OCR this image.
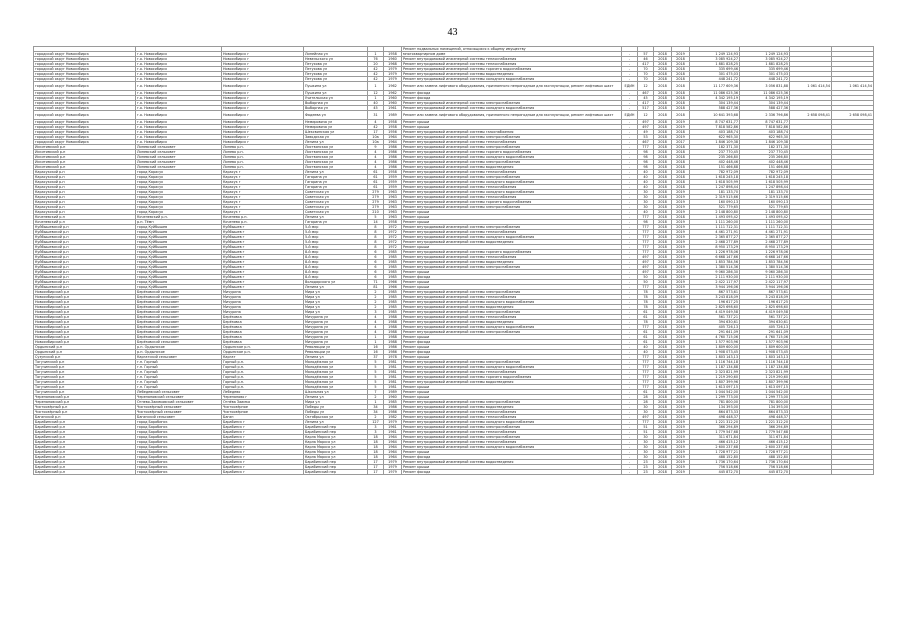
43
						Ремонт подвальных помещений, относящихся к общему имуществу								
городской округ Новосибирск	г.о. Новосибирск	Новосибирск г	Линейная ул	1	1958	многоквартирном доме	-	57	2018	2019	1 249 124,93	1 249 124,93		
городской округ Новосибирск	г.о. Новосибирск	Новосибирск г	Невельского ул	76	1960	Ремонт внутридомовой инженерной системы теплоснабжения	-	46	2018	2018	3 085 924,27	3 085 924,27		
городской округ Новосибирск	г.о. Новосибирск	Новосибирск г	Петухова ул	20	1968	Ремонт внутридомовой инженерной системы теплоснабжения	-	417	2018	2018	1 881 828,25	1 881 828,25		
городской округ Новосибирск	г.о. Новосибирск	Новосибирск г	Петухова ул	42	1979	Ремонт внутридомовой инженерной системы горячего водоснабжения	-	70	2018	2018	335 699,46	335 699,46		
городской округ Новосибирск	г.о. Новосибирск	Новосибирск г	Петухова ул	42	1979	Ремонт внутридомовой инженерной системы водоотведения	-	70	2018	2018	301 475,03	301 475,03		
городской округ Новосибирск	г.о. Новосибирск	Новосибирск г	Петухова ул	42	1979	Ремонт внутридомовой инженерной системы холодного водоснабжения	-	70	2018	2018	448 241,72	448 241,72		
городской округ Новосибирск	г.о. Новосибирск	Новосибирск г	Пушкина ул	1	1962	Ремонт или замена лифтового оборудования, признанного непригодным для эксплуатации, ремонт лифтовых шахт	ЕДИН	12	2018	2018	11 177 609,36	3 056 831,88	1 061 414,54	1 061 414,54
городской округ Новосибирск	г.о. Новосибирск	Новосибирск г	Пушкина ул	12	1962	Ремонт фасада	-	467	2018	2018	11 086 025,36	11 086 025,36		
городской округ Новосибирск	г.о. Новосибирск	Новосибирск г	Учительская ул	1	1960	Ремонт фасада	-	45	2018	2018	4 342 195,19	4 342 195,19		
городской округ Новосибирск	г.о. Новосибирск	Новосибирск г	Выборная ул	40	1960	Ремонт внутридомовой инженерной системы электроснабжения	-	417	2018	2018	304 139,44	304 139,44		
городской округ Новосибирск	г.о. Новосибирск	Новосибирск г	Выборная ул	45	1961	Ремонт внутридомовой инженерной системы холодного водоснабжения	-	517	2018	2018	588 427,36	588 427,36		
городской округ Новосибирск	г.о. Новосибирск	Новосибирск г	Фадеева ул	31	1989	Ремонт или замена лифтового оборудования, признанного непригодным для эксплуатации, ремонт лифтовых шахт	ЕДИН	12	2018	2018	10 641 393,68	2 336 796,86	2 658 098,41	2 658 098,41
городской округ Новосибирск	г.о. Новосибирск	Новосибирск г	Немировича ул	4	1958	Ремонт крыши	-	497	2018	2019	8 747 631,77	8 747 631,77		
городской округ Новосибирск	г.о. Новосибирск	Новосибирск г	Немировича ул	42	1958	Ремонт крыши	-	497	2018	2019	7 818 582,86	7 818 582,86		
городской округ Новосибирск	г.о. Новосибирск	Новосибирск г	Шексвинская ул	17	1956	Ремонт внутридомовой инженерной системы газоснабжения	-	49	2018	2018	403 188,74	403 188,74		
городской округ Новосибирск	г.о. Новосибирск	Новосибирск г	Заводская ул	10а	1964	Ремонт внутридомовой инженерной системы электроснабжения	-	53	2018	2019	622 965,30	622 965,30		
городской округ Новосибирск	г.о. Новосибирск	Новосибирск г	Ленина ул	10а	1964	Ремонт внутридомовой инженерной системы теплоснабжения	-	467	2018	2017	1 846 109,38	1 846 109,38		
Искитимский р-н	Линевский сельсовет	Линево р.п.	Листвянская ул	9	1986	Ремонт внутридомовой инженерной системы электроснабжения	-	777	2018	2018	182 371,30	182 371,30		
Искитимский р-н	Линевский сельсовет	Линево р.п.	Листвянская ул	4	1986	Ремонт внутридомовой инженерной системы горячего водоснабжения	-	98	2018	2018	237 770,45	237 770,45		
Искитимский р-н	Линевский сельсовет	Линево р.п.	Листвянская ул	4	1986	Ремонт внутридомовой инженерной системы холодного водоснабжения	-	98	2018	2018	235 266,80	235 266,80		
Искитимский р-н	Линевский сельсовет	Линево р.п.	Листвянская ул	4	1986	Ремонт внутридомовой инженерной системы электроснабжения	-	98	2018	2018	402 448,46	402 448,46		
Искитимский р-н	Линевский сельсовет	Линево р.п.	Листвянская ул	4	1986	Ремонт внутридомовой инженерной системы водоотведения	-	98	2018	2018	151 466,88	151 466,88		
Карасукский р-н	город Карасук	Карасук г	Ленина ул	61	1958	Ремонт внутридомовой инженерной системы теплоснабжения	-	40	2018	2018	782 972,09	782 972,09		
Карасукский р-н	город Карасук	Карасук г	Гагарина ул	61	1959	Ремонт внутридомовой инженерной системы электроснабжения	-	40	2018	2018	1 618 245,18	1 618 245,18		
Карасукский р-н	город Карасук	Карасук г	Гагарина ул	61	1959	Ремонт внутридомовой инженерной системы холодного водоснабжения	-	40	2018	2018	1 618 505,99	1 618 505,99		
Карасукский р-н	город Карасук	Карасук г	Гагарина ул	61	1959	Ремонт внутридомовой инженерной системы теплоснабжения	-	40	2018	2018	1 247 898,44	1 247 898,44		
Карасукский р-н	город Карасук	Карасук г	Советская ул	279	1963	Ремонт внутридомовой инженерной системы холодного водоснабжения	-	30	2018	2019	181 133,70	181 133,70		
Карасукский р-н	город Карасук	Карасук г	Советская ул	279	1963	Ремонт внутридомовой инженерной системы теплоснабжения	-	30	2018	2019	2 319 515,66	2 319 515,66		
Карасукский р-н	город Карасук	Карасук г	Советская ул	279	1963	Ремонт внутридомовой инженерной системы горячего водоснабжения	-	30	2018	2019	160 090,13	160 090,13		
Карасукский р-н	город Карасук	Карасук г	Советская ул	279	1963	Ремонт внутридомовой инженерной системы электроснабжения	-	30	2018	2019	521 779,65	521 779,65		
Карасукский р-н	город Карасук	Карасук г	Советская ул	210	1963	Ремонт крыши	-	40	2018	2019	2 148 800,80	2 148 800,80		
Коченевский р-н	Коченевский р.п.	Коченево р.п.	Ленина ул	5	1963	Ремонт крыши	-	777	2018	2018	1 493 095,42	1 493 095,42		
Коченевский р-н	р.п. Тёмн	Коченево р.п.	Гагарина ул	14	1958	Ремонт крыши	-	98	2018	2019	1 111 260,00	1 111 260,00		
Куйбышевский р-н	город Куйбышев	Куйбышев г	5-й мкр	8	1972	Ремонт внутридомовой инженерной системы электроснабжения	-	777	2018	2019	1 111 712,31	1 111 712,31		
Куйбышевский р-н	город Куйбышев	Куйбышев г	5-й мкр	8	1972	Ремонт внутридомовой инженерной системы теплоснабжения	-	777	2018	2019	4 461 271,91	4 461 271,91		
Куйбышевский р-н	город Куйбышев	Куйбышев г	5-й мкр	8	1972	Ремонт внутридомовой инженерной системы холодного водоснабжения	-	777	2018	2019	2 365 877,27	2 365 877,27		
Куйбышевский р-н	город Куйбышев	Куйбышев г	5-й мкр	8	1972	Ремонт внутридомовой инженерной системы водоотведения	-	777	2018	2019	2 468 277,89	2 468 277,89		
Куйбышевский р-н	город Куйбышев	Куйбышев г	5-й мкр	8	1972	Ремонт крыши	-	777	2018	2019	8 950 173,29	8 950 173,29		
Куйбышевский р-н	город Куйбышев	Куйбышев г	8-й мкр	6	1985	Ремонт внутридомовой инженерной системы горячего водоснабжения	-	777	2018	2019	1 226 978,06	1 226 978,06		
Куйбышевский р-н	город Куйбышев	Куйбышев г	8-й мкр	6	1985	Ремонт внутридомовой инженерной системы теплоснабжения	-	497	2018	2019	6 668 147,66	6 668 147,66		
Куйбышевский р-н	город Куйбышев	Куйбышев г	8-й мкр	6	1985	Ремонт внутридомовой инженерной системы водоотведения	-	497	2018	2019	1 853 784,56	1 853 784,56		
Куйбышевский р-н	город Куйбышев	Куйбышев г	8-й мкр	6	1985	Ремонт внутридомовой инженерной системы электроснабжения	-	497	2018	2019	1 380 514,36	1 380 514,36		
Куйбышевский р-н	город Куйбышев	Куйбышев г	8-й мкр	6	1985	Ремонт крыши	-	497	2018	2019	9 060 286,30	9 060 286,30		
Куйбышевский р-н	город Куйбышев	Куйбышев г	8-й мкр	6	1985	Ремонт фасада	-	50	2018	2019	2 111 930,00	2 111 930,00		
Куйбышевский р-н	город Куйбышев	Куйбышев г	Володарского ул	71	1966	Ремонт крыши	-	50	2018	2019	2 422 117,97	2 422 117,97		
Куйбышевский р-н	город Куйбышев	Куйбышев г	Ленина ул	81	1966	Ремонт крыши	-	777	2018	2019	3 944 196,06	3 944 196,06		
Новосибирский р-н	Берёзовский сельсовет	Мичурина	Мира ул	2	1985	Ремонт внутридомовой инженерной системы электроснабжения	-	78	2018	2019	867 573,61	867 573,61		
Новосибирский р-н	Берёзовский сельсовет	Мичурина	Мира ул	2	1985	Ремонт внутридомовой инженерной системы теплоснабжения	-	78	2018	2019	3 243 818,09	3 243 818,09		
Новосибирский р-н	Берёзовский сельсовет	Мичурина	Мира ул	2	1985	Ремонт внутридомовой инженерной системы холодного водоснабжения	-	78	2018	2019	196 617,25	196 617,25		
Новосибирский р-н	Берёзовский сельсовет	Мичурина	Мира ул	2	1985	Ремонт внутридомовой инженерной системы водоотведения	-	78	2018	2019	2 825 698,60	2 825 698,60		
Новосибирский р-н	Берёзовский сельсовет	Мичурина	Мира ул	3	1985	Ремонт внутридомовой инженерной системы электроснабжения	-	61	2018	2019	4 419 049,58	4 419 049,58		
Новосибирский р-н	Берёзовский сельсовет	Берёзовка	Мичурина ул	4	1988	Ремонт внутридомовой инженерной системы теплоснабжения	-	61	2018	2019	561 737,21	561 737,21		
Новосибирский р-н	Берёзовский сельсовет	Берёзовка	Мичурина ул	4	1988	Ремонт внутридомовой инженерной системы водоотведения	-	78	2018	2019	394 630,61	394 630,61		
Новосибирский р-н	Берёзовский сельсовет	Берёзовка	Мичурина ул	4	1988	Ремонт внутридомовой инженерной системы холодного водоснабжения	-	777	2018	2019	405 726,13	405 726,13		
Новосибирский р-н	Берёзовский сельсовет	Берёзовка	Мичурина ул	4	1988	Ремонт внутридомовой инженерной системы электроснабжения	-	61	2018	2019	291 641,09	291 641,09		
Новосибирский р-н	Берёзовский сельсовет	Берёзовка	Мичурина ул	1	1988	Ремонт крыши	-	61	2018	2019	4 760 715,06	4 760 715,06		
Новосибирский р-н	Берёзовский сельсовет	Берёзовка	Мичурина ул	1	1988	Ремонт фасада	-	61	2018	2019	1 577 903,96	1 577 903,96		
Ордынский р-н	р.п. Ордынское	Ордынское р.п.	Революции ул	16	1986	Ремонт крыши	-	40	2018	2019	1 809 600,00	1 809 600,00		
Ордынский р-н	р.п. Ордынское	Ордынское р.п.	Революции ул	16	1986	Ремонт фасада	-	40	2018	2019	1 908 073,45	1 908 073,45		
Сузунский р-н	Каргатский сельсовет	Каргат	Ленина ул	37	1978	Ремонт крыши	-	777	2018	2019	1 803 143,13	1 803 143,13		
Тогучинский р-н	г.п. Горный	Горный р.п.	Молодёжная ул	5	1981	Ремонт внутридомовой инженерной системы электроснабжения	-	777	2018	2019	1 116 744,18	1 116 744,18		
Тогучинский р-н	г.п. Горный	Горный р.п.	Молодёжная ул	5	1981	Ремонт внутридомовой инженерной системы холодного водоснабжения	-	777	2018	2019	1 187 134,88	1 187 134,88		
Тогучинский р-н	г.п. Горный	Горный р.п.	Молодёжная ул	5	1981	Ремонт внутридомовой инженерной системы теплоснабжения	-	777	2018	2019	2 323 821,99	2 323 821,99		
Тогучинский р-н	г.п. Горный	Горный р.п.	Молодёжная ул	5	1981	Ремонт внутридомовой инженерной системы горячего водоснабжения	-	777	2018	2019	1 219 290,60	1 219 290,60		
Тогучинский р-н	г.п. Горный	Горный р.п.	Молодёжная ул	5	1981	Ремонт внутридомовой инженерной системы водоотведения	-	777	2018	2019	1 807 399,96	1 807 399,96		
Тогучинский р-н	г.п. Горный	Горный р.п.	Молодёжная ул	5	1981	Ремонт крыши	-	777	2018	2019	1 613 097,15	1 613 097,15		
Тогучинский р-н	Лебедевский сельсовет	Лебедево	Школьная ул	7	1989	Ремонт крыши	-	61	2018	2019	1 044 542,00	1 044 542,00		
Черепановский р-н	Черепановский сельсовет	Черепаново г	Ленина ул	2	1960	Ремонт крыши	-	28	2018	2019	1 299 773,00	1 299 773,00		
Черепановский р-н	Огнево-Заимковский сельсовет	Огнёва Заимка	Мира ул	1	1985	Ремонт внутридомовой инженерной системы электроснабжения	-	28	2018	2019	781 800,00	781 800,00		
Чистоозёрный р-н	Чистоозёрный сельсовет	Чистоозёрное	Победы ул	34	1986	Ремонт внутридомовой инженерной системы водоотведения	-	30	2018	2019	134 393,00	134 393,00		
Чистоозёрный р-н	Чистоозёрный сельсовет	Чистоозёрное	Победы ул	34	1986	Ремонт внутридомовой инженерной системы теплоснабжения	-	30	2018	2019	864 873,33	864 873,33		
Баганский р-н	Баганский сельсовет	Баган	Октябрьская ул	2	1982	Ремонт внутридомовой инженерной системы теплоснабжения	-	497	2018	2019	498 448,37	498 448,37		
Барабинский р-н	город Барабинск	Барабинск г	Ленина ул	127	1979	Ремонт внутридомовой инженерной системы холодного водоснабжения	-	777	2018	2019	1 221 312,20	1 221 312,20		
Барабинский р-н	город Барабинск	Барабинск г	Барабинский пер	3	1961	Ремонт внутридомовой инженерной системы электроснабжения	-	51	2018	2019	366 294,89	366 294,89		
Барабинский р-н	город Барабинск	Барабинск г	Барабинский пер	3	1961	Ремонт внутридомовой инженерной системы теплоснабжения	-	51	2018	2019	1 779 547,68	1 779 547,68		
Барабинский р-н	город Барабинск	Барабинск г	Карла Маркса ул	18	1964	Ремонт внутридомовой инженерной системы электроснабжения	-	30	2018	2019	311 671,84	311 671,84		
Барабинский р-н	город Барабинск	Барабинск г	Карла Маркса ул	18	1964	Ремонт внутридомовой инженерной системы теплоснабжения	-	30	2018	2019	466 415,12	466 415,12		
Барабинский р-н	город Барабинск	Барабинск г	Карла Маркса ул	18	1964	Ремонт внутридомовой инженерной системы холодного водоснабжения	-	30	2018	2019	2 600 237,68	2 600 237,68		
Барабинский р-н	город Барабинск	Барабинск г	Карла Маркса ул	18	1964	Ремонт крыши	-	30	2018	2019	1 728 977,21	1 728 977,21		
Барабинский р-н	город Барабинск	Барабинск г	Карла Маркса ул	18	1964	Ремонт фасада	-	30	2018	2019	488 152,80	488 152,80		
Барабинский р-н	город Барабинск	Барабинск г	Барабинский пер	17	1979	Ремонт внутридомовой инженерной системы водоотведения	-	23	2018	2019	1 736 170,64	1 736 170,64		
Барабинский р-н	город Барабинск	Барабинск г	Барабинский пер	17	1979	Ремонт крыши	-	23	2018	2019	756 518,66	756 518,66		
Барабинский р-н	город Барабинск	Барабинск г	Барабинский пер	17	1979	Ремонт фасада	-	23	2018	2019	445 872,70	445 872,70		
